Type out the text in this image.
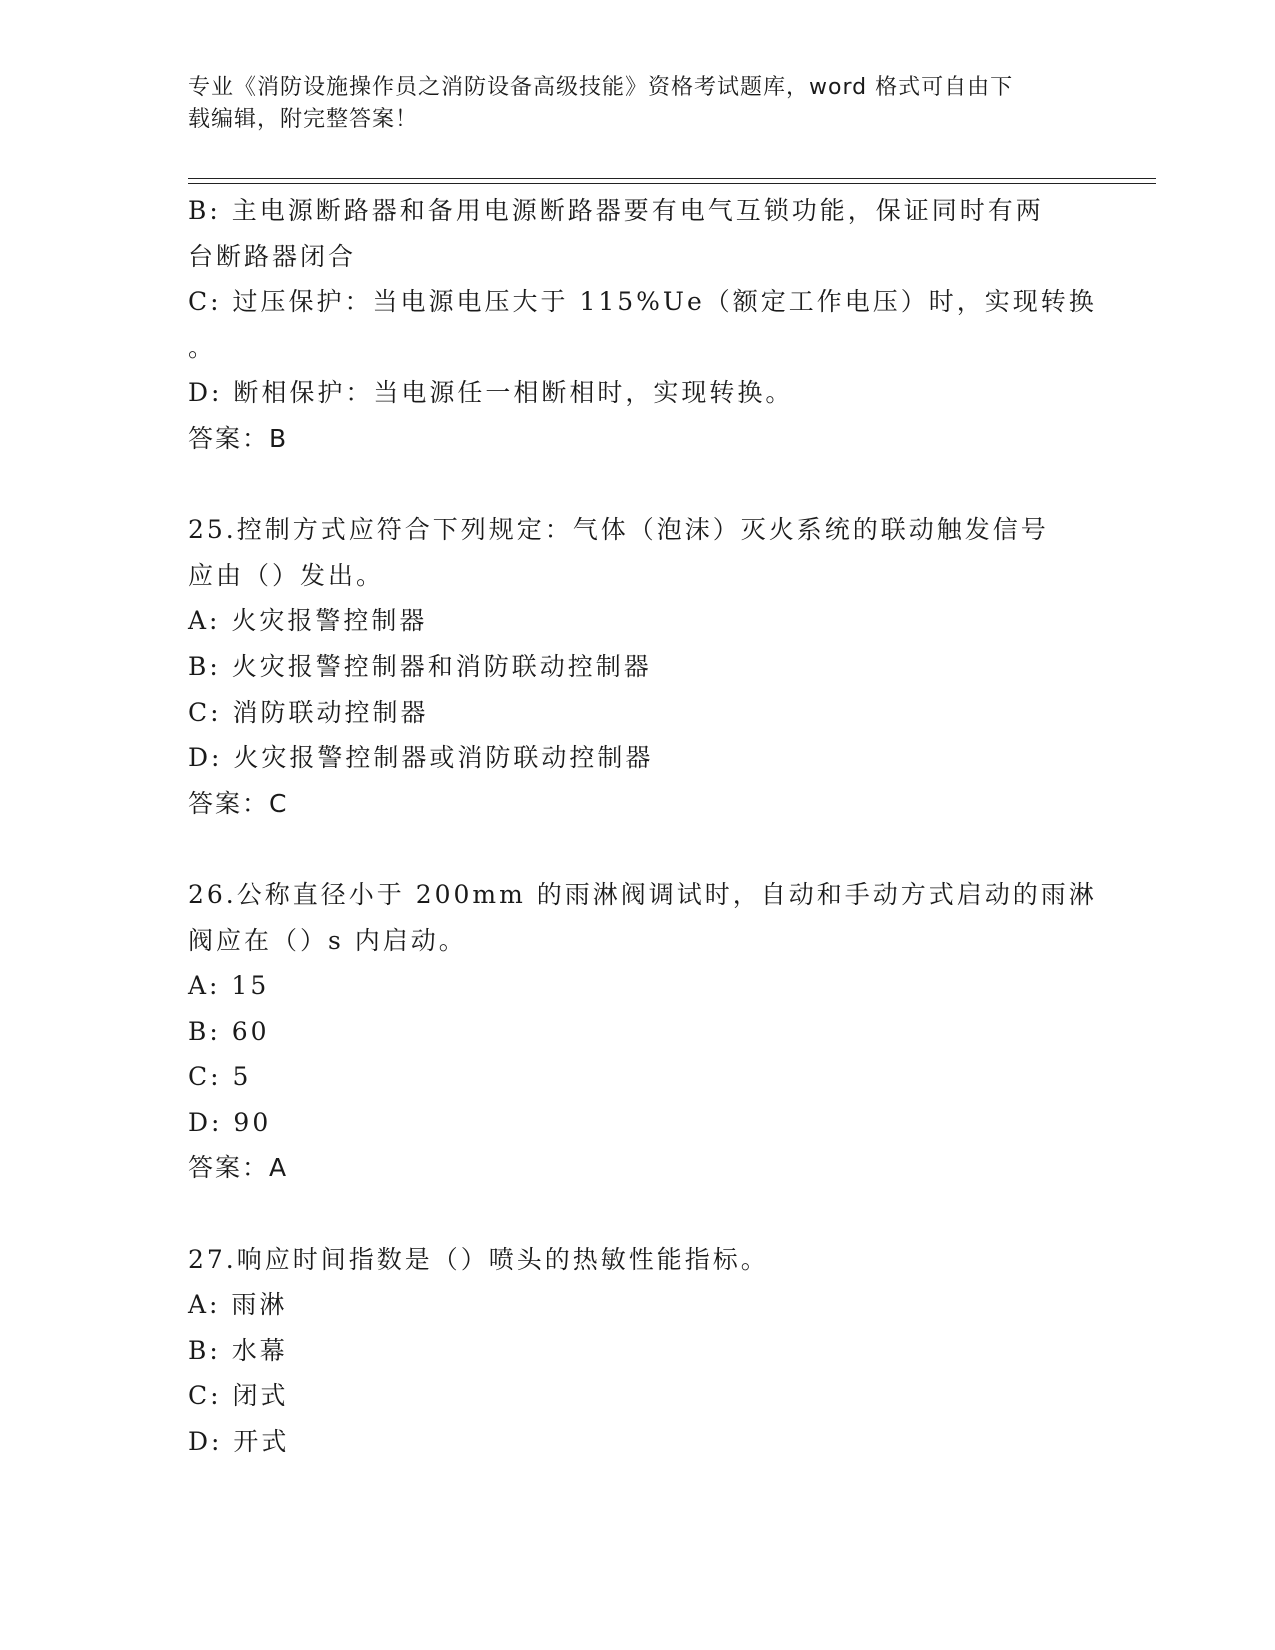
专业《消防设施操作员之消防设备高级技能》资格考试题库，word 格式可自由下
载编辑，附完整答案！
B: 主电源断路器和备用电源断路器要有电气互锁功能，保证同时有两
台断路器闭合
C: 过压保护：当电源电压大于 115%Ue（额定工作电压）时，实现转换
。
D: 断相保护：当电源任一相断相时，实现转换。
答案：B
25.控制方式应符合下列规定：气体（泡沫）灭火系统的联动触发信号
应由（）发出。
A: 火灾报警控制器
B: 火灾报警控制器和消防联动控制器
C: 消防联动控制器
D: 火灾报警控制器或消防联动控制器
答案：C
26.公称直径小于 200mm 的雨淋阀调试时，自动和手动方式启动的雨淋
阀应在（）s 内启动。
A: 15
B: 60
C: 5
D: 90
答案：A
27.响应时间指数是（）喷头的热敏性能指标。
A: 雨淋
B: 水幕
C: 闭式
D: 开式
